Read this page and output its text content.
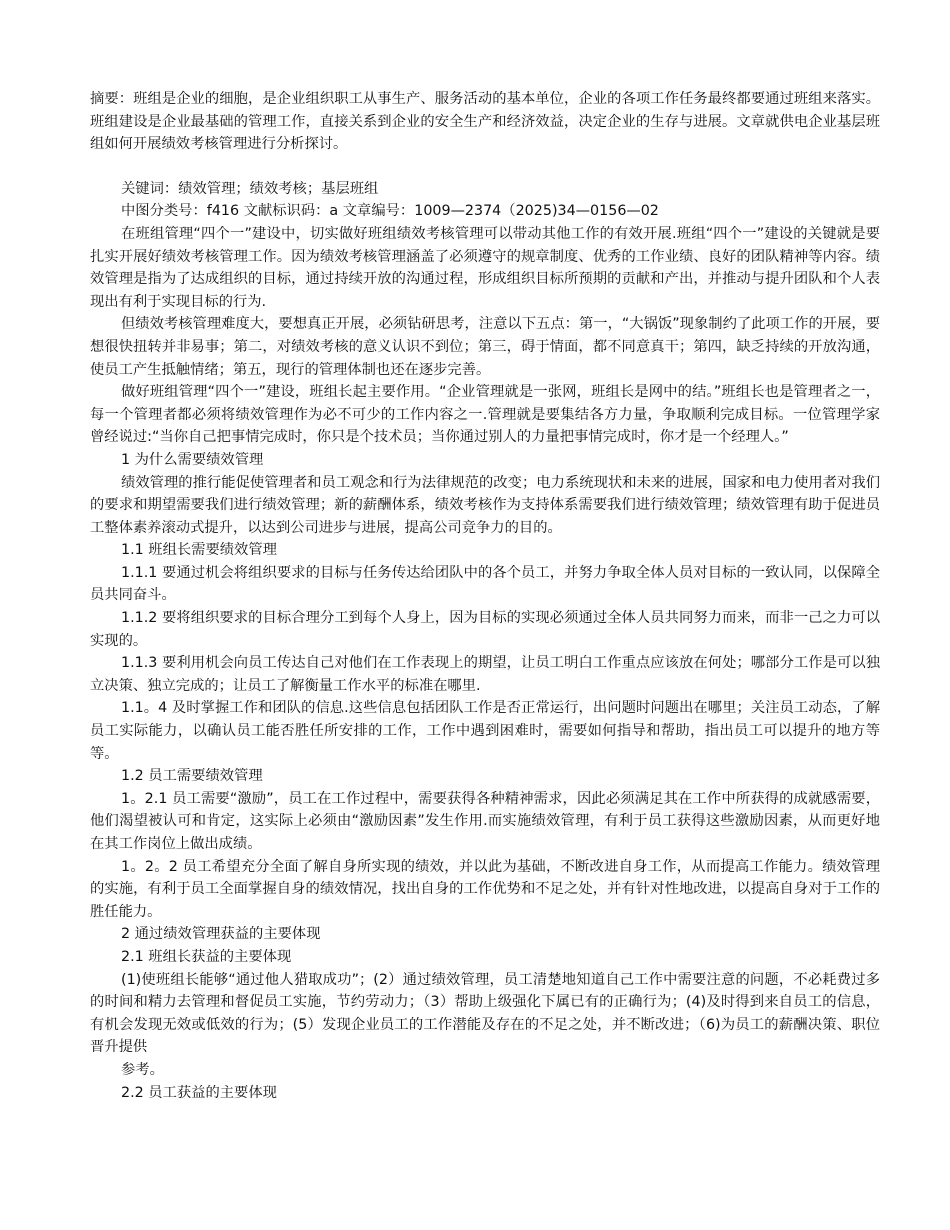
摘要：班组是企业的细胞，是企业组织职工从事生产、服务活动的基本单位，企业的各项工作任务最终都要通过班组来落实。班组建设是企业最基础的管理工作，直接关系到企业的安全生产和经济效益，决定企业的生存与进展。文章就供电企业基层班组如何开展绩效考核管理进行分析探讨。

关键词：绩效管理；绩效考核；基层班组

中图分类号：f416 文献标识码：a 文章编号：1009—2374（2025)34—0156—02

在班组管理“四个一”建设中，切实做好班组绩效考核管理可以带动其他工作的有效开展.班组“四个一”建设的关键就是要扎实开展好绩效考核管理工作。因为绩效考核管理涵盖了必须遵守的规章制度、优秀的工作业绩、良好的团队精神等内容。绩效管理是指为了达成组织的目标，通过持续开放的沟通过程，形成组织目标所预期的贡献和产出，并推动与提升团队和个人表现出有利于实现目标的行为.

但绩效考核管理难度大，要想真正开展，必须钻研思考，注意以下五点：第一，“大锅饭”现象制约了此项工作的开展，要想很快扭转并非易事；第二，对绩效考核的意义认识不到位；第三，碍于情面，都不同意真干；第四，缺乏持续的开放沟通，使员工产生抵触情绪；第五，现行的管理体制也还在逐步完善。

做好班组管理“四个一”建设，班组长起主要作用。“企业管理就是一张网，班组长是网中的结。”班组长也是管理者之一，每一个管理者都必须将绩效管理作为必不可少的工作内容之一.管理就是要集结各方力量，争取顺利完成目标。一位管理学家曾经说过:“当你自己把事情完成时，你只是个技术员；当你通过别人的力量把事情完成时，你才是一个经理人。”

1 为什么需要绩效管理

绩效管理的推行能促使管理者和员工观念和行为法律规范的改变；电力系统现状和未来的进展，国家和电力使用者对我们的要求和期望需要我们进行绩效管理；新的薪酬体系，绩效考核作为支持体系需要我们进行绩效管理；绩效管理有助于促进员工整体素养滚动式提升，以达到公司进步与进展，提高公司竞争力的目的。

1.1 班组长需要绩效管理

1.1.1 要通过机会将组织要求的目标与任务传达给团队中的各个员工，并努力争取全体人员对目标的一致认同，以保障全员共同奋斗。

1.1.2 要将组织要求的目标合理分工到每个人身上，因为目标的实现必须通过全体人员共同努力而来，而非一己之力可以实现的。

1.1.3 要利用机会向员工传达自己对他们在工作表现上的期望，让员工明白工作重点应该放在何处；哪部分工作是可以独立决策、独立完成的；让员工了解衡量工作水平的标准在哪里.

1.1。4 及时掌握工作和团队的信息.这些信息包括团队工作是否正常运行，出问题时问题出在哪里；关注员工动态，了解员工实际能力，以确认员工能否胜任所安排的工作，工作中遇到困难时，需要如何指导和帮助，指出员工可以提升的地方等等。

1.2 员工需要绩效管理

1。2.1 员工需要“激励”，员工在工作过程中，需要获得各种精神需求，因此必须满足其在工作中所获得的成就感需要，他们渴望被认可和肯定，这实际上必须由“激励因素”发生作用.而实施绩效管理，有利于员工获得这些激励因素，从而更好地在其工作岗位上做出成绩。

1。2。2 员工希望充分全面了解自身所实现的绩效，并以此为基础，不断改进自身工作，从而提高工作能力。绩效管理的实施，有利于员工全面掌握自身的绩效情况，找出自身的工作优势和不足之处，并有针对性地改进，以提高自身对于工作的胜任能力。

2 通过绩效管理获益的主要体现

2.1 班组长获益的主要体现

(1)使班组长能够“通过他人猎取成功”；(2）通过绩效管理，员工清楚地知道自己工作中需要注意的问题，不必耗费过多的时间和精力去管理和督促员工实施，节约劳动力；（3）帮助上级强化下属已有的正确行为；(4)及时得到来自员工的信息，有机会发现无效或低效的行为；(5）发现企业员工的工作潜能及存在的不足之处，并不断改进；（6)为员工的薪酬决策、职位晋升提供

参考。

2.2 员工获益的主要体现
